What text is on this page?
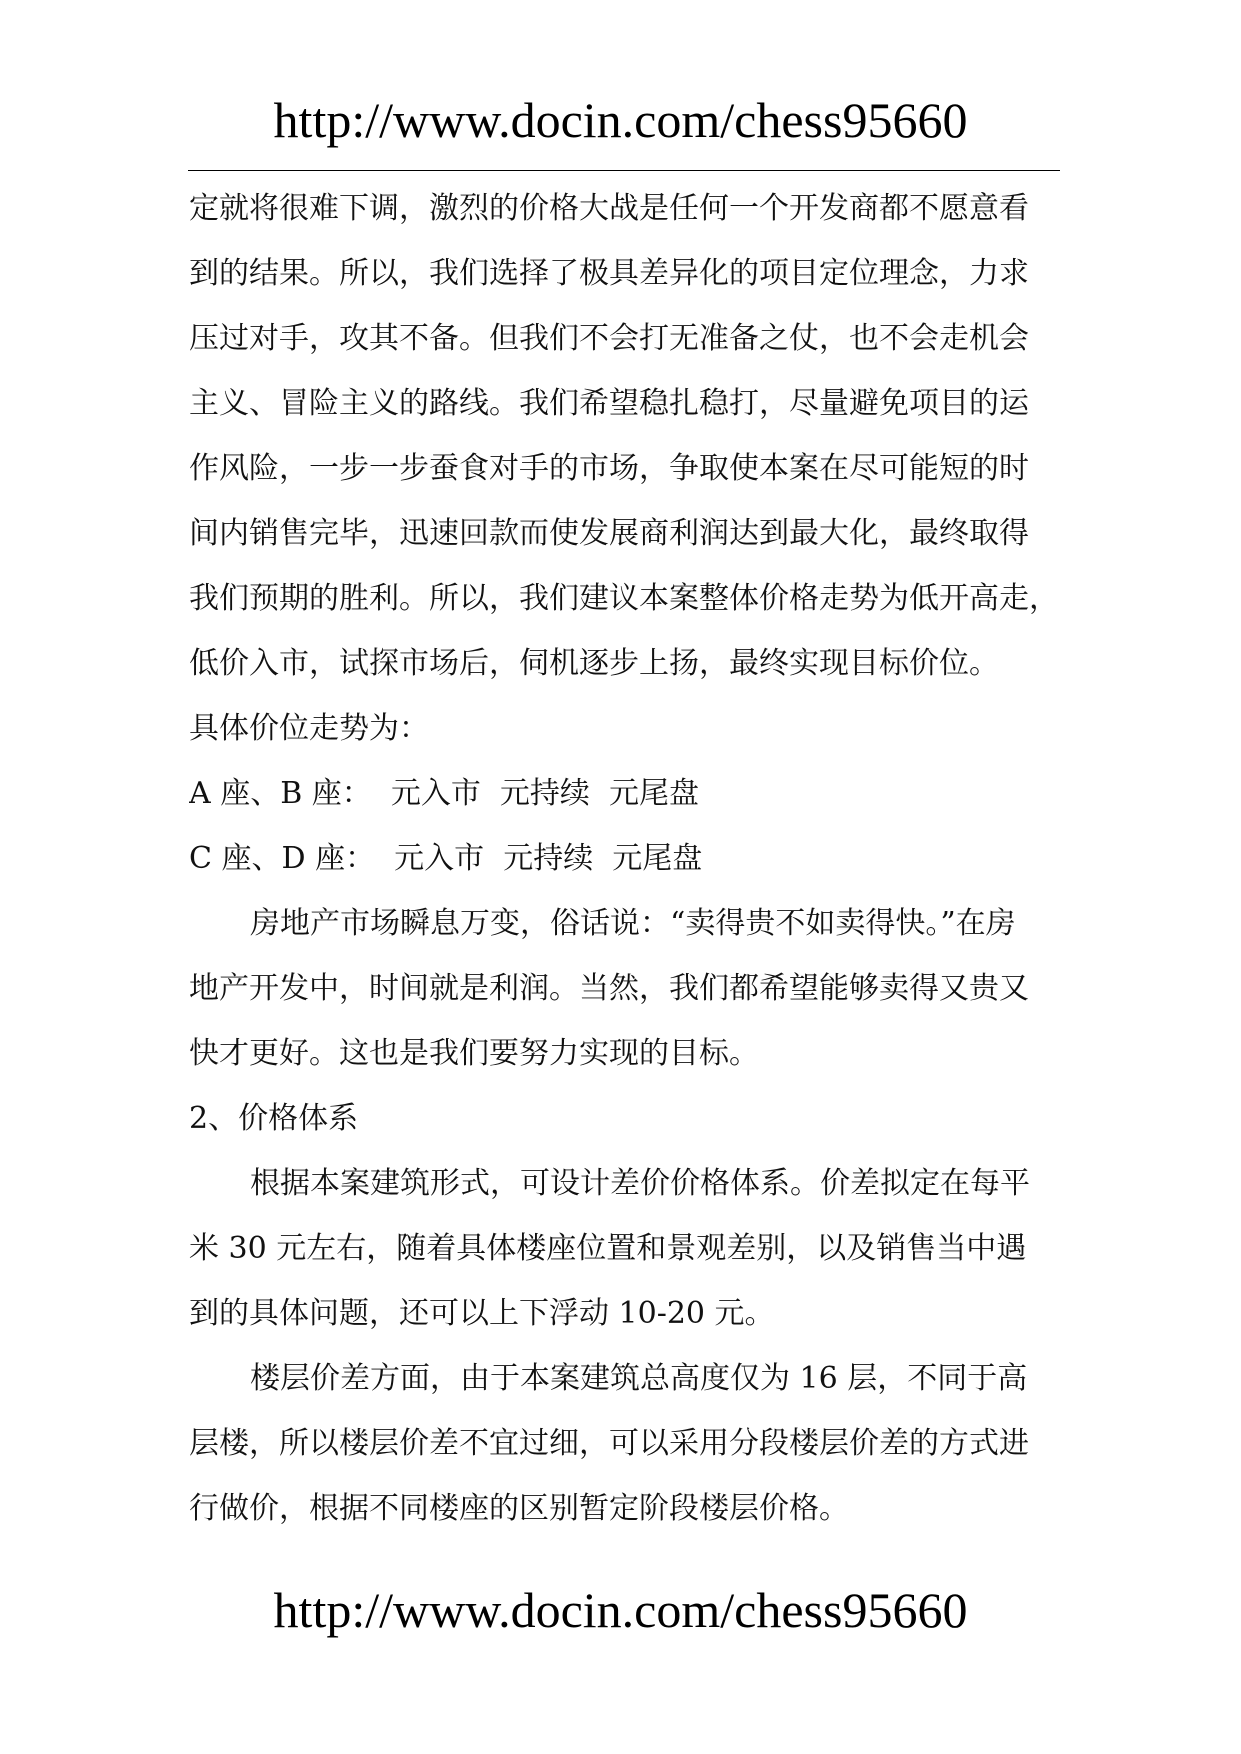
http://www.docin.com/chess95660
定就将很难下调，激烈的价格大战是任何一个开发商都不愿意看
到的结果。所以，我们选择了极具差异化的项目定位理念，力求
压过对手，攻其不备。但我们不会打无准备之仗，也不会走机会
主义、冒险主义的路线。我们希望稳扎稳打，尽量避免项目的运
作风险，一步一步蚕食对手的市场，争取使本案在尽可能短的时
间内销售完毕，迅速回款而使发展商利润达到最大化，最终取得
我们预期的胜利。所以，我们建议本案整体价格走势为低开高走，
低价入市，试探市场后，伺机逐步上扬，最终实现目标价位。
具体价位走势为：
A 座、B 座：  元入市  元持续  元尾盘
C 座、D 座：  元入市  元持续  元尾盘
房地产市场瞬息万变，俗话说：“卖得贵不如卖得快。”在房
地产开发中，时间就是利润。当然，我们都希望能够卖得又贵又
快才更好。这也是我们要努力实现的目标。
2、价格体系
根据本案建筑形式，可设计差价价格体系。价差拟定在每平
米 30 元左右，随着具体楼座位置和景观差别，以及销售当中遇
到的具体问题，还可以上下浮动 10-20 元。
楼层价差方面，由于本案建筑总高度仅为 16 层，不同于高
层楼，所以楼层价差不宜过细，可以采用分段楼层价差的方式进
行做价，根据不同楼座的区别暂定阶段楼层价格。
http://www.docin.com/chess95660
